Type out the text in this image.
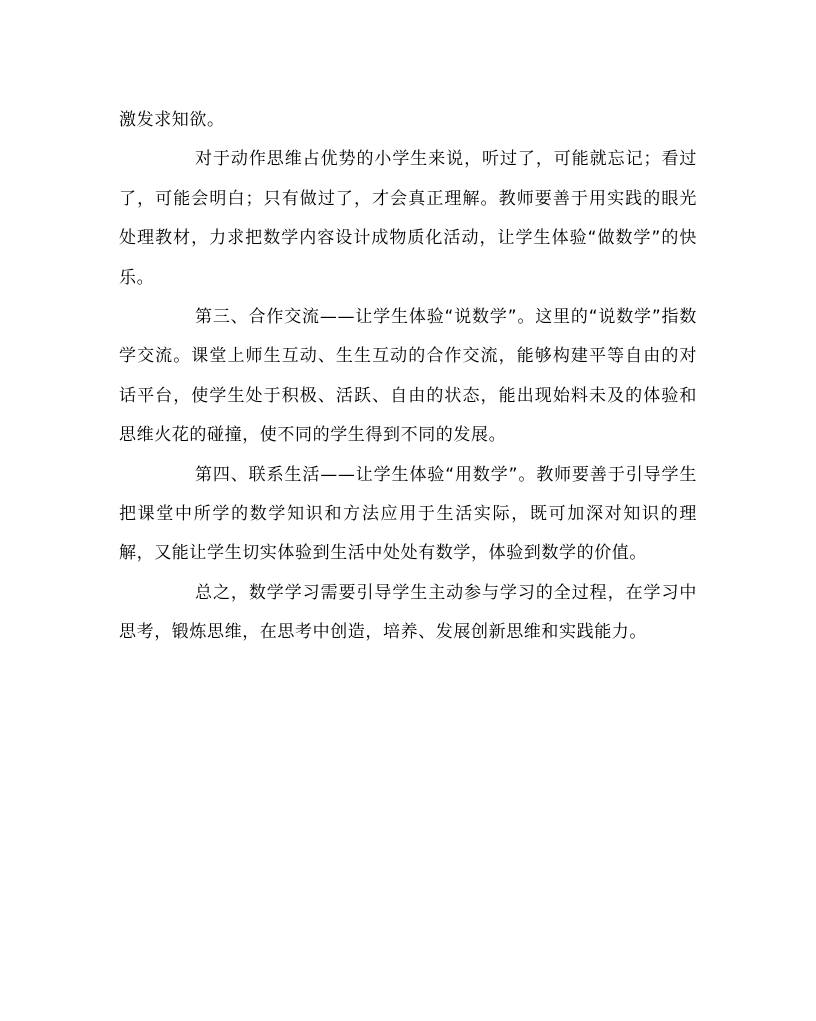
激发求知欲。

对于动作思维占优势的小学生来说，听过了，可能就忘记；看过了，可能会明白；只有做过了，才会真正理解。教师要善于用实践的眼光处理教材，力求把数学内容设计成物质化活动，让学生体验“做数学”的快乐。

第三、合作交流——让学生体验“说数学”。这里的“说数学”指数学交流。课堂上师生互动、生生互动的合作交流，能够构建平等自由的对话平台，使学生处于积极、活跃、自由的状态，能出现始料未及的体验和思维火花的碰撞，使不同的学生得到不同的发展。

第四、联系生活——让学生体验“用数学”。教师要善于引导学生把课堂中所学的数学知识和方法应用于生活实际，既可加深对知识的理解，又能让学生切实体验到生活中处处有数学，体验到数学的价值。

总之，数学学习需要引导学生主动参与学习的全过程，在学习中思考，锻炼思维，在思考中创造，培养、发展创新思维和实践能力。
